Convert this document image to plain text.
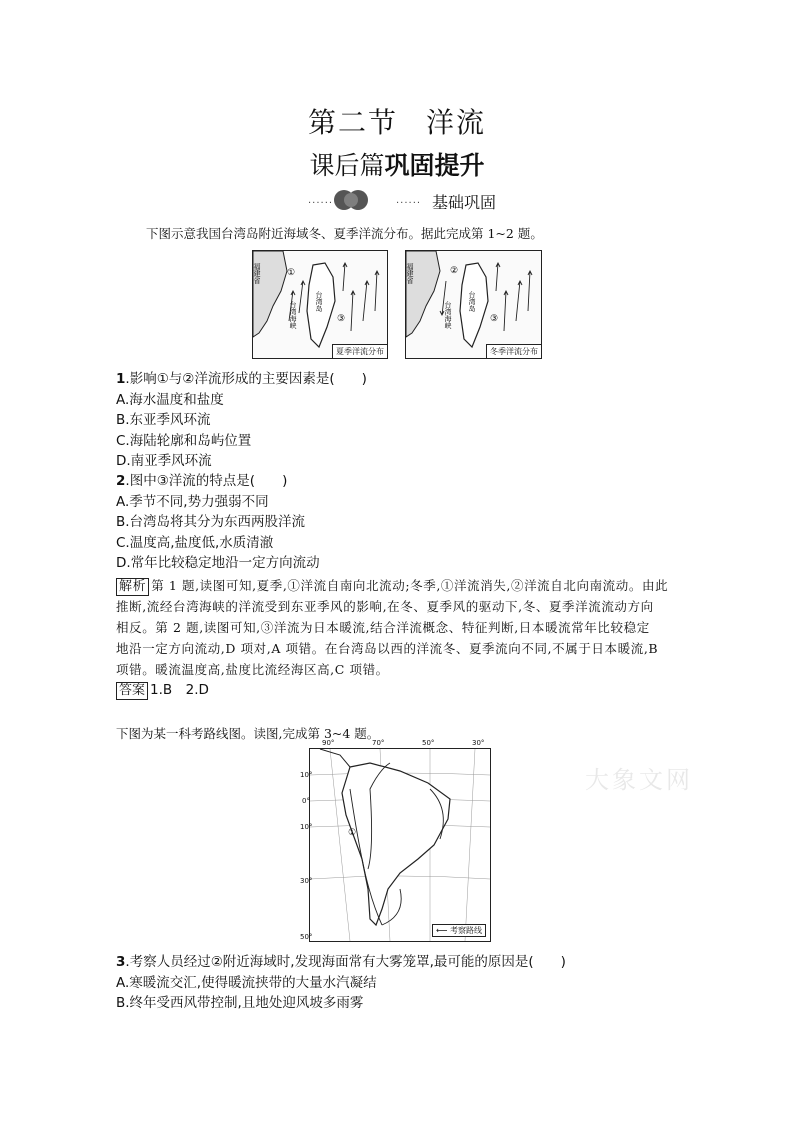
第二节 洋流
课后篇巩固提升
······	······ 基础巩固
下图示意我国台湾岛附近海域冬、夏季洋流分布。据此完成第 1~2 题。
福建省	①
③
台湾海峡	台湾岛
夏季洋流分布
福建省	②
③
台湾海峡 台湾岛
冬季洋流分布
1.影响①与②洋流形成的主要因素是(　　)
A.海水温度和盐度
B.东亚季风环流
C.海陆轮廓和岛屿位置
D.南亚季风环流
2.图中③洋流的特点是(　　)
A.季节不同,势力强弱不同
B.台湾岛将其分为东西两股洋流
C.温度高,盐度低,水质清澈
D.常年比较稳定地沿一定方向流动
解析 第 1 题,读图可知,夏季,①洋流自南向北流动;冬季,①洋流消失,②洋流自北向南流动。由此
推断,流经台湾海峡的洋流受到东亚季风的影响,在冬、夏季风的驱动下,冬、夏季洋流流动方向
相反。第 2 题,读图可知,③洋流为日本暖流,结合洋流概念、特征判断,日本暖流常年比较稳定
地沿一定方向流动,D 项对,A 项错。在台湾岛以西的洋流冬、夏季流向不同,不属于日本暖流,B
项错。暖流温度高,盐度比流经海区高,C 项错。
答案 1.B　2.D
下图为某一科考路线图。读图,完成第 3~4 题。
①
90°	70°	50°	30°
10°
0°
10°
30°
50°
⟵ 考察路线
大象文网
3.考察人员经过②附近海域时,发现海面常有大雾笼罩,最可能的原因是(　　)
A.寒暖流交汇,使得暖流挟带的大量水汽凝结
B.终年受西风带控制,且地处迎风坡多雨雾
